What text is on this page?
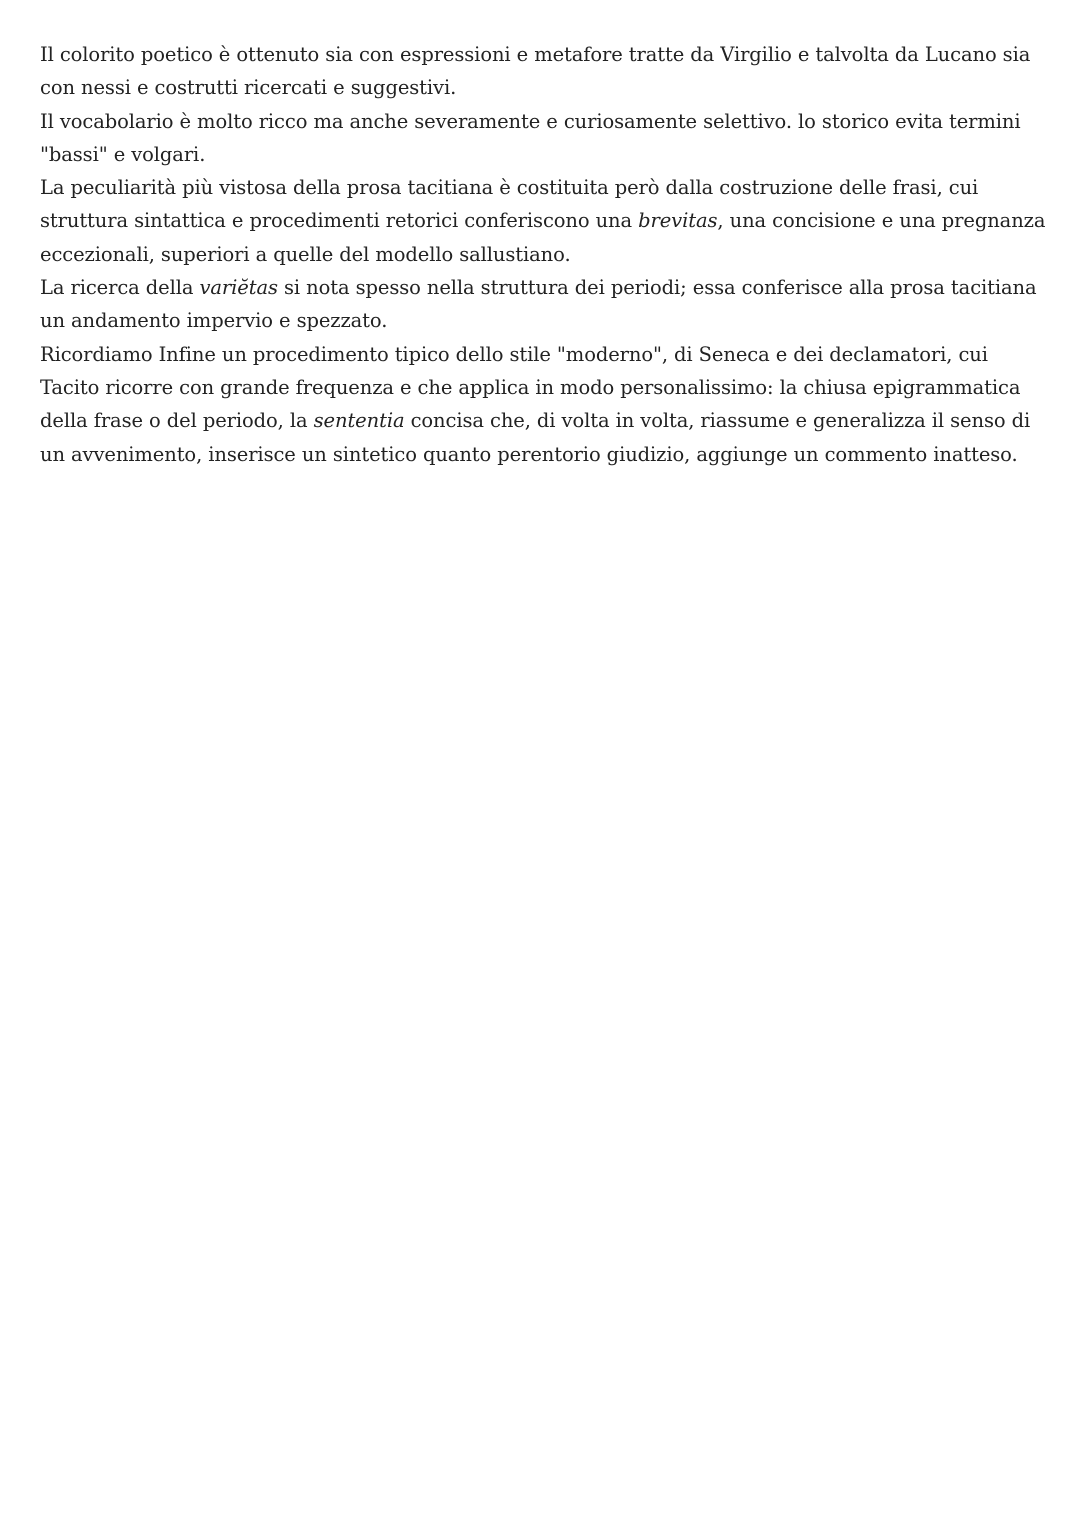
Il colorito poetico è ottenuto sia con espressioni e metafore tratte da Virgilio e talvolta da Lucano sia con nessi e costrutti ricercati e suggestivi.

Il vocabolario è molto ricco ma anche severamente e curiosamente selettivo. lo storico evita termini "bassi" e volgari.

La peculiarità più vistosa della prosa tacitiana è costituita però dalla costruzione delle frasi, cui struttura sintattica e procedimenti retorici conferiscono una brevitas, una concisione e una pregnanza eccezionali, superiori a quelle del modello sallustiano.

La ricerca della variĕtas si nota spesso nella struttura dei periodi; essa conferisce alla prosa tacitiana un andamento impervio e spezzato.

Ricordiamo Infine un procedimento tipico dello stile "moderno", di Seneca e dei declamatori, cui Tacito ricorre con grande frequenza e che applica in modo personalissimo: la chiusa epigrammatica della frase o del periodo, la sententia concisa che, di volta in volta, riassume e generalizza il senso di un avvenimento, inserisce un sintetico quanto perentorio giudizio, aggiunge un commento inatteso.
